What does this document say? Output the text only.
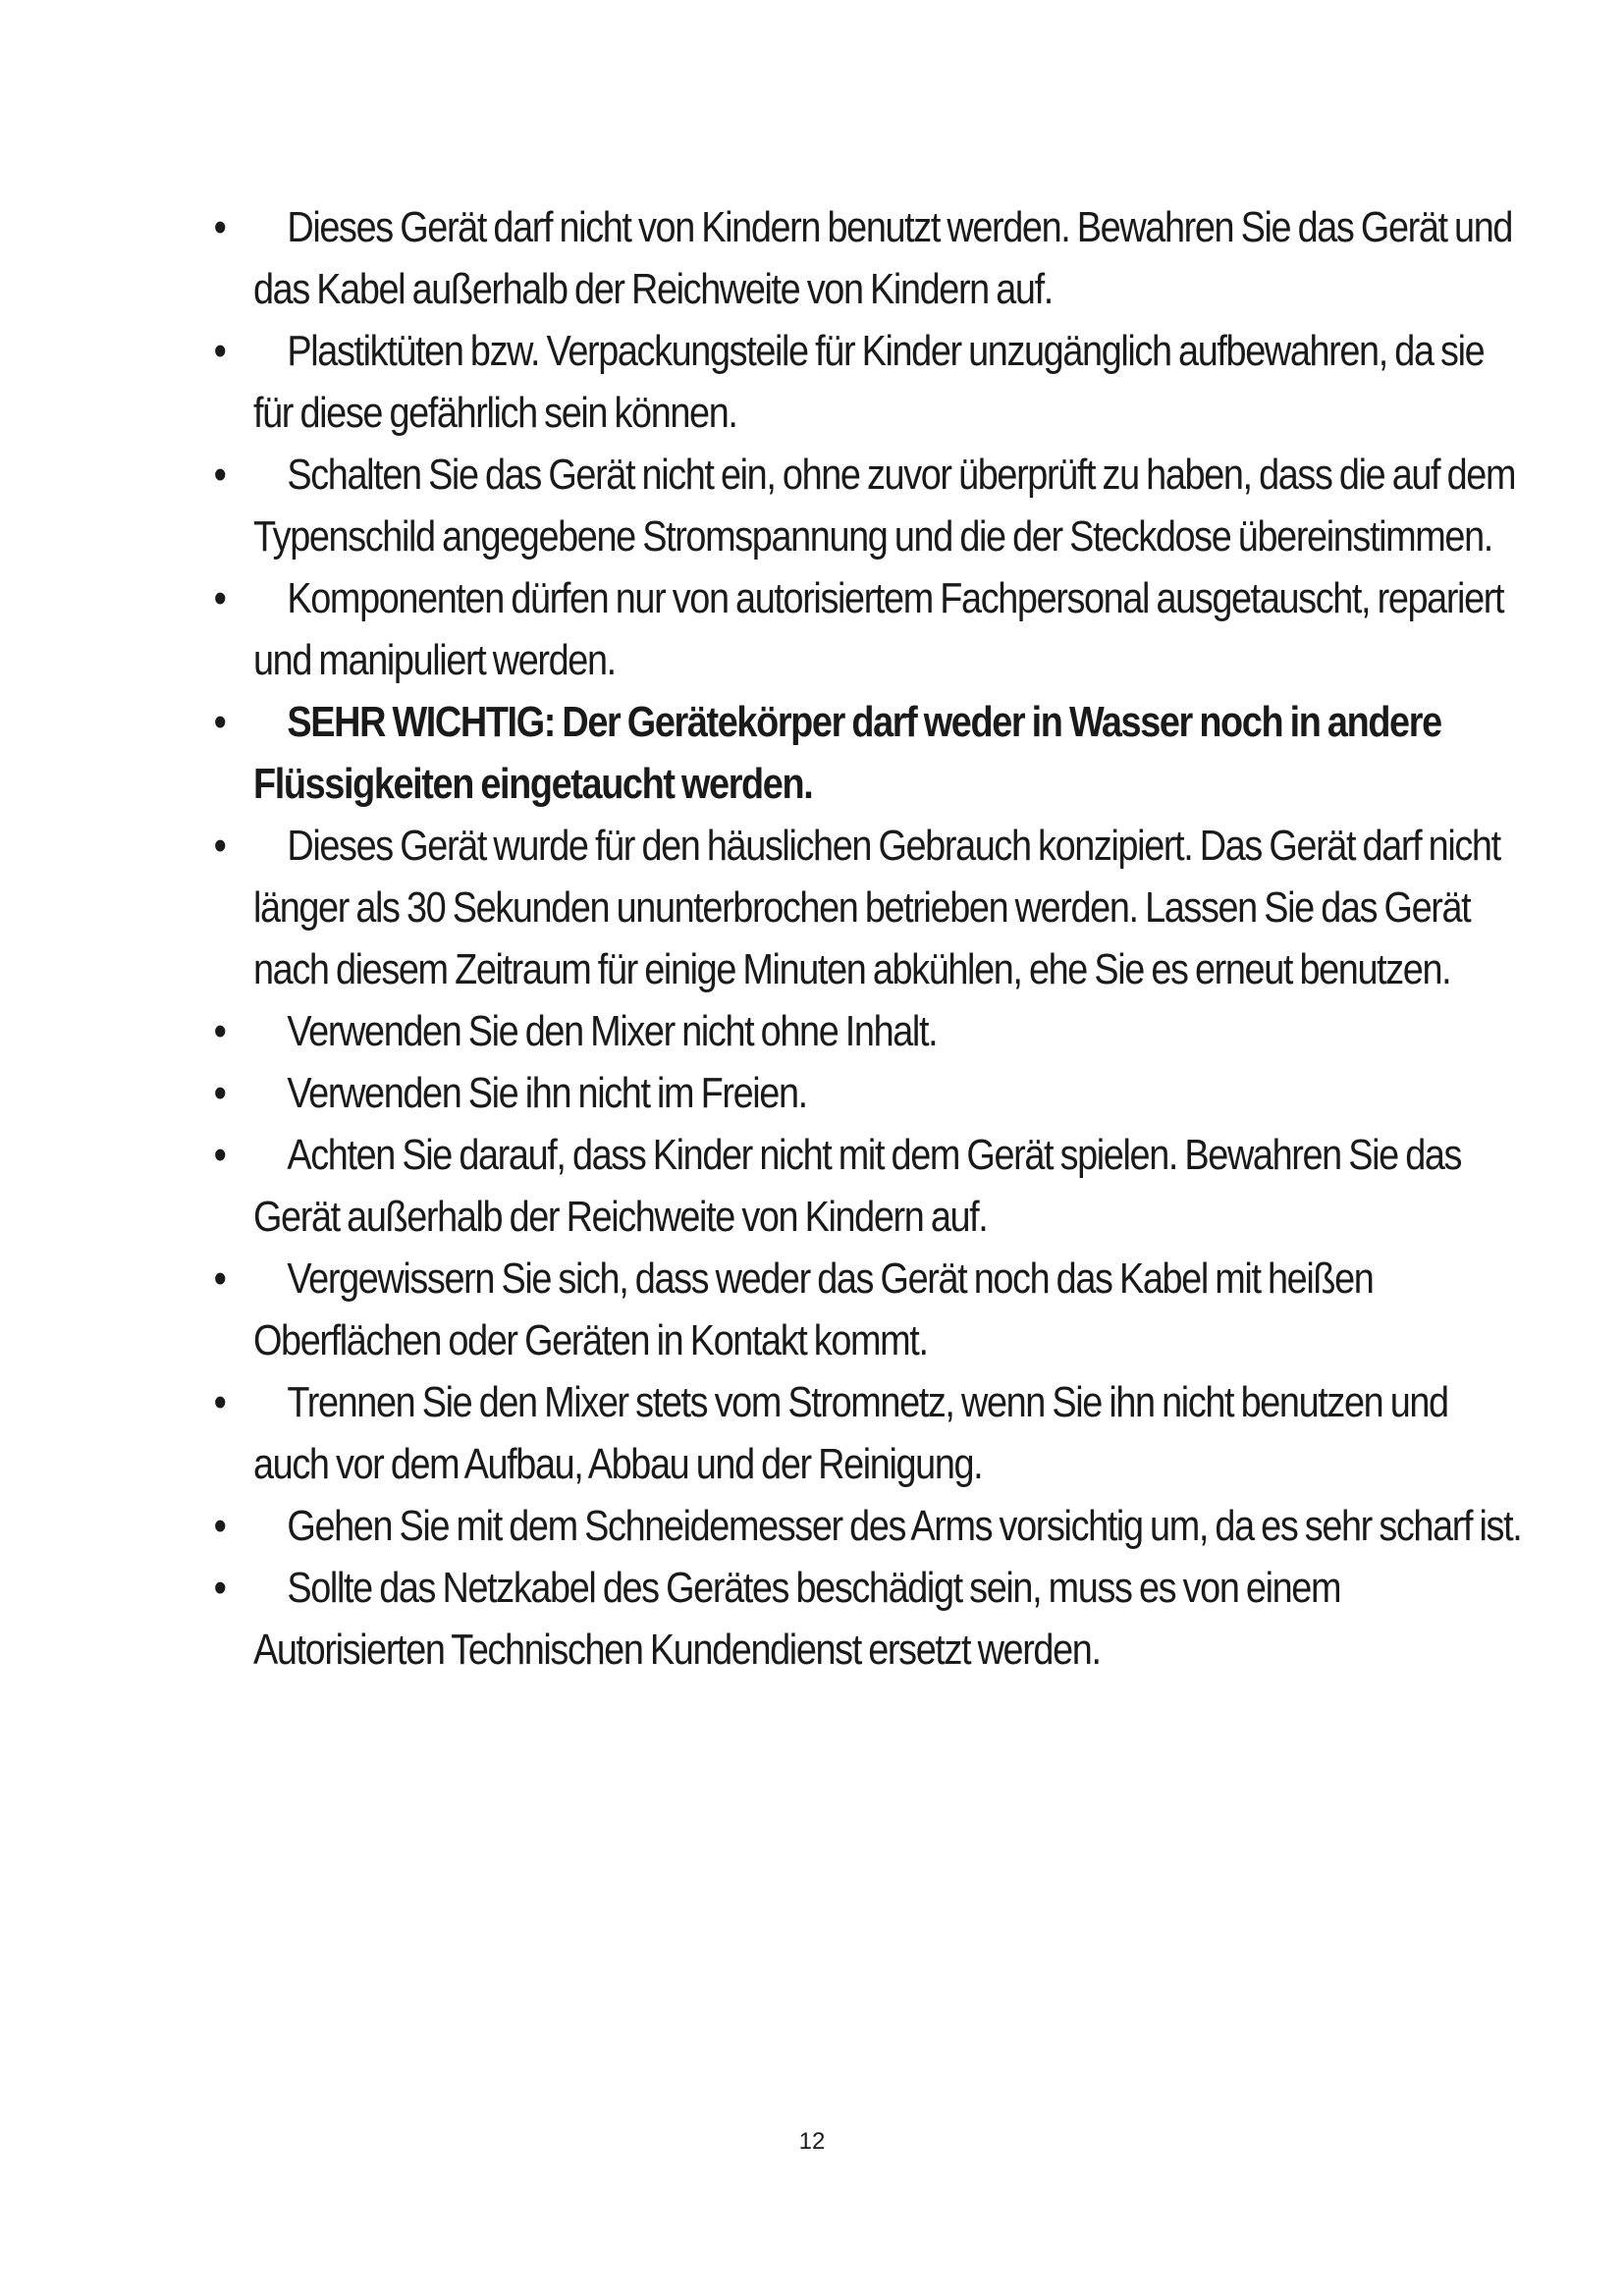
•	Dieses Gerät darf nicht von Kindern benutzt werden. Bewahren Sie das Gerät und das Kabel außerhalb der Reichweite von Kindern auf.
•	Plastiktüten bzw. Verpackungsteile für Kinder unzugänglich aufbewahren, da sie für diese gefährlich sein können.
•	Schalten Sie das Gerät nicht ein, ohne zuvor überprüft zu haben, dass die auf dem Typenschild angegebene Stromspannung und die der Steckdose übereinstimmen.
•	Komponenten dürfen nur von autorisiertem Fachpersonal ausgetauscht, repariert und manipuliert werden.
•	SEHR WICHTIG: Der Gerätekörper darf weder in Wasser noch in andere Flüssigkeiten eingetaucht werden.
•	Dieses Gerät wurde für den häuslichen Gebrauch konzipiert. Das Gerät darf nicht länger als 30 Sekunden ununterbrochen betrieben werden. Lassen Sie das Gerät nach diesem Zeitraum für einige Minuten abkühlen, ehe Sie es erneut benutzen.
•	Verwenden Sie den Mixer nicht ohne Inhalt.
•	Verwenden Sie ihn nicht im Freien.
•	Achten Sie darauf, dass Kinder nicht mit dem Gerät spielen. Bewahren Sie das Gerät außerhalb der Reichweite von Kindern auf.
•	Vergewissern Sie sich, dass weder das Gerät noch das Kabel mit heißen Oberflächen oder Geräten in Kontakt kommt.
•	Trennen Sie den Mixer stets vom Stromnetz, wenn Sie ihn nicht benutzen und auch vor dem Aufbau, Abbau und der Reinigung.
•	Gehen Sie mit dem Schneidemesser des Arms vorsichtig um, da es sehr scharf ist.
•	Sollte das Netzkabel des Gerätes beschädigt sein, muss es von einem Autorisierten Technischen Kundendienst ersetzt werden.
12
